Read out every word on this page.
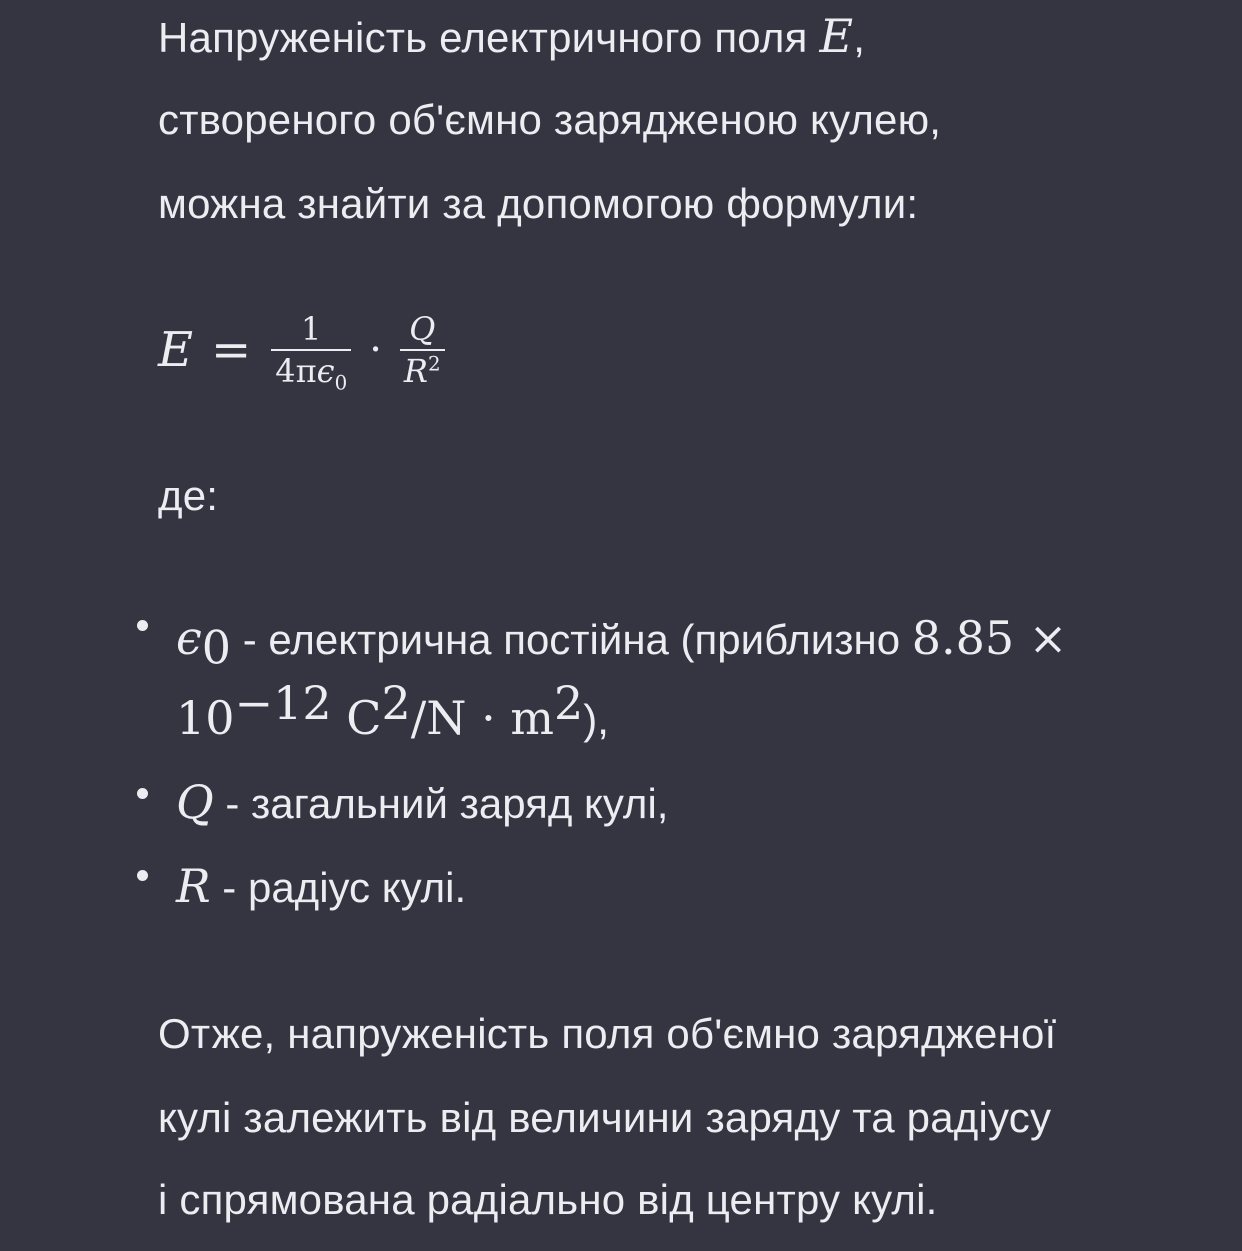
Напруженість електричного поля E,
створеного об'ємно зарядженою кулею,
можна знайти за допомогою формули:
$E = \frac{1}{4\pi\epsilon_0} \cdot \frac{Q}{R^2}$
де:
$\epsilon_0$ - електрична постійна (приблизно 8.85 ×
$10^{-12}$ $C^2/N \cdot m^2$),
Q - загальний заряд кулі,
R - радіус кулі.
Отже, напруженість поля об'ємно зарядженої
кулі залежить від величини заряду та радіусу
і спрямована радіально від центру кулі.
